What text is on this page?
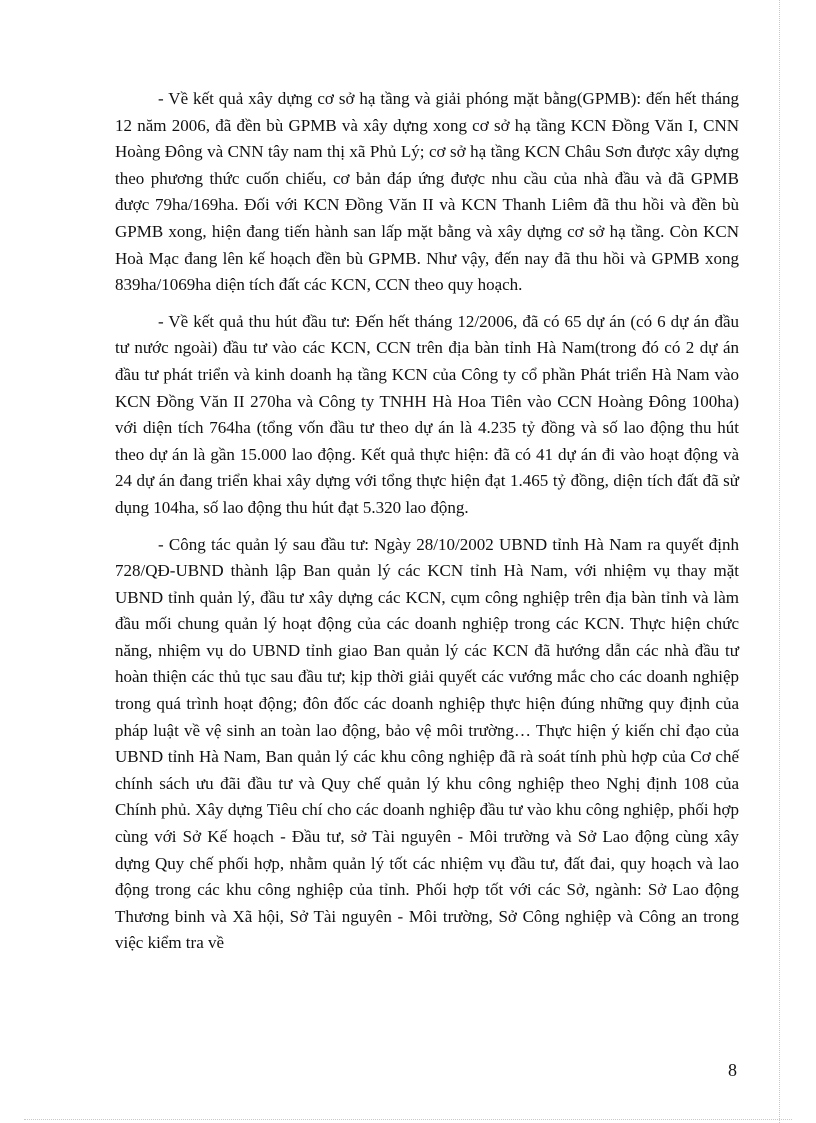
- Về kết quả xây dựng cơ sở hạ tầng và giải phóng mặt bằng(GPMB): đến hết tháng 12 năm 2006, đã đền bù GPMB và xây dựng xong cơ sở hạ tầng KCN Đồng Văn I, CNN Hoàng Đông và CNN tây nam thị xã Phủ Lý; cơ sở hạ tầng KCN Châu Sơn được xây dựng theo phương thức cuốn chiếu, cơ bản đáp ứng được nhu cầu của nhà đầu và đã GPMB được 79ha/169ha. Đối với KCN Đồng Văn II và KCN Thanh Liêm đã thu hồi và đền bù GPMB xong, hiện đang tiến hành san lấp mặt bằng và xây dựng cơ sở hạ tầng. Còn KCN Hoà Mạc đang lên kế hoạch đền bù GPMB. Như vậy, đến nay đã thu hồi và GPMB xong 839ha/1069ha diện tích đất các KCN, CCN theo quy hoạch.

- Về kết quả thu hút đầu tư: Đến hết tháng 12/2006, đã có 65 dự án (có 6 dự án đầu tư nước ngoài) đầu tư vào các KCN, CCN trên địa bàn tỉnh Hà Nam(trong đó có 2 dự án đầu tư phát triển và kinh doanh hạ tầng KCN của Công ty cổ phần Phát triển Hà Nam vào KCN Đồng Văn II 270ha và Công ty TNHH Hà Hoa Tiên vào CCN Hoàng Đông 100ha) với diện tích 764ha (tổng vốn đầu tư theo dự án là 4.235 tỷ đồng và số lao động thu hút theo dự án là gần 15.000 lao động. Kết quả thực hiện: đã có 41 dự án đi vào hoạt động và 24 dự án đang triển khai xây dựng với tổng thực hiện đạt 1.465 tỷ đồng, diện tích đất đã sử dụng 104ha, số lao động thu hút đạt 5.320 lao động.

- Công tác quản lý sau đầu tư: Ngày 28/10/2002 UBND tỉnh Hà Nam ra quyết định 728/QĐ-UBND thành lập Ban quản lý các KCN tỉnh Hà Nam, với nhiệm vụ thay mặt UBND tỉnh quản lý, đầu tư xây dựng các KCN, cụm công nghiệp trên địa bàn tỉnh và làm đầu mối chung quản lý hoạt động của các doanh nghiệp trong các KCN. Thực hiện chức năng, nhiệm vụ do UBND tỉnh giao Ban quản lý các KCN đã hướng dẫn các nhà đầu tư hoàn thiện các thủ tục sau đầu tư; kịp thời giải quyết các vướng mắc cho các doanh nghiệp trong quá trình hoạt động; đôn đốc các doanh nghiệp thực hiện đúng những quy định của pháp luật về vệ sinh an toàn lao động, bảo vệ môi trường… Thực hiện ý kiến chỉ đạo của UBND tỉnh Hà Nam, Ban quản lý các khu công nghiệp đã rà soát tính phù hợp của Cơ chế chính sách ưu đãi đầu tư và Quy chế quản lý khu công nghiệp theo Nghị định 108 của Chính phủ. Xây dựng Tiêu chí cho các doanh nghiệp đầu tư vào khu công nghiệp, phối hợp cùng với Sở Kế hoạch - Đầu tư, sở Tài nguyên - Môi trường và Sở Lao động cùng xây dựng Quy chế phối hợp, nhằm quản lý tốt các nhiệm vụ đầu tư, đất đai, quy hoạch và lao động trong các khu công nghiệp của tỉnh. Phối hợp tốt với các Sở, ngành: Sở Lao động Thương binh và Xã hội, Sở Tài nguyên - Môi trường, Sở Công nghiệp và Công an trong việc kiểm tra về

8
